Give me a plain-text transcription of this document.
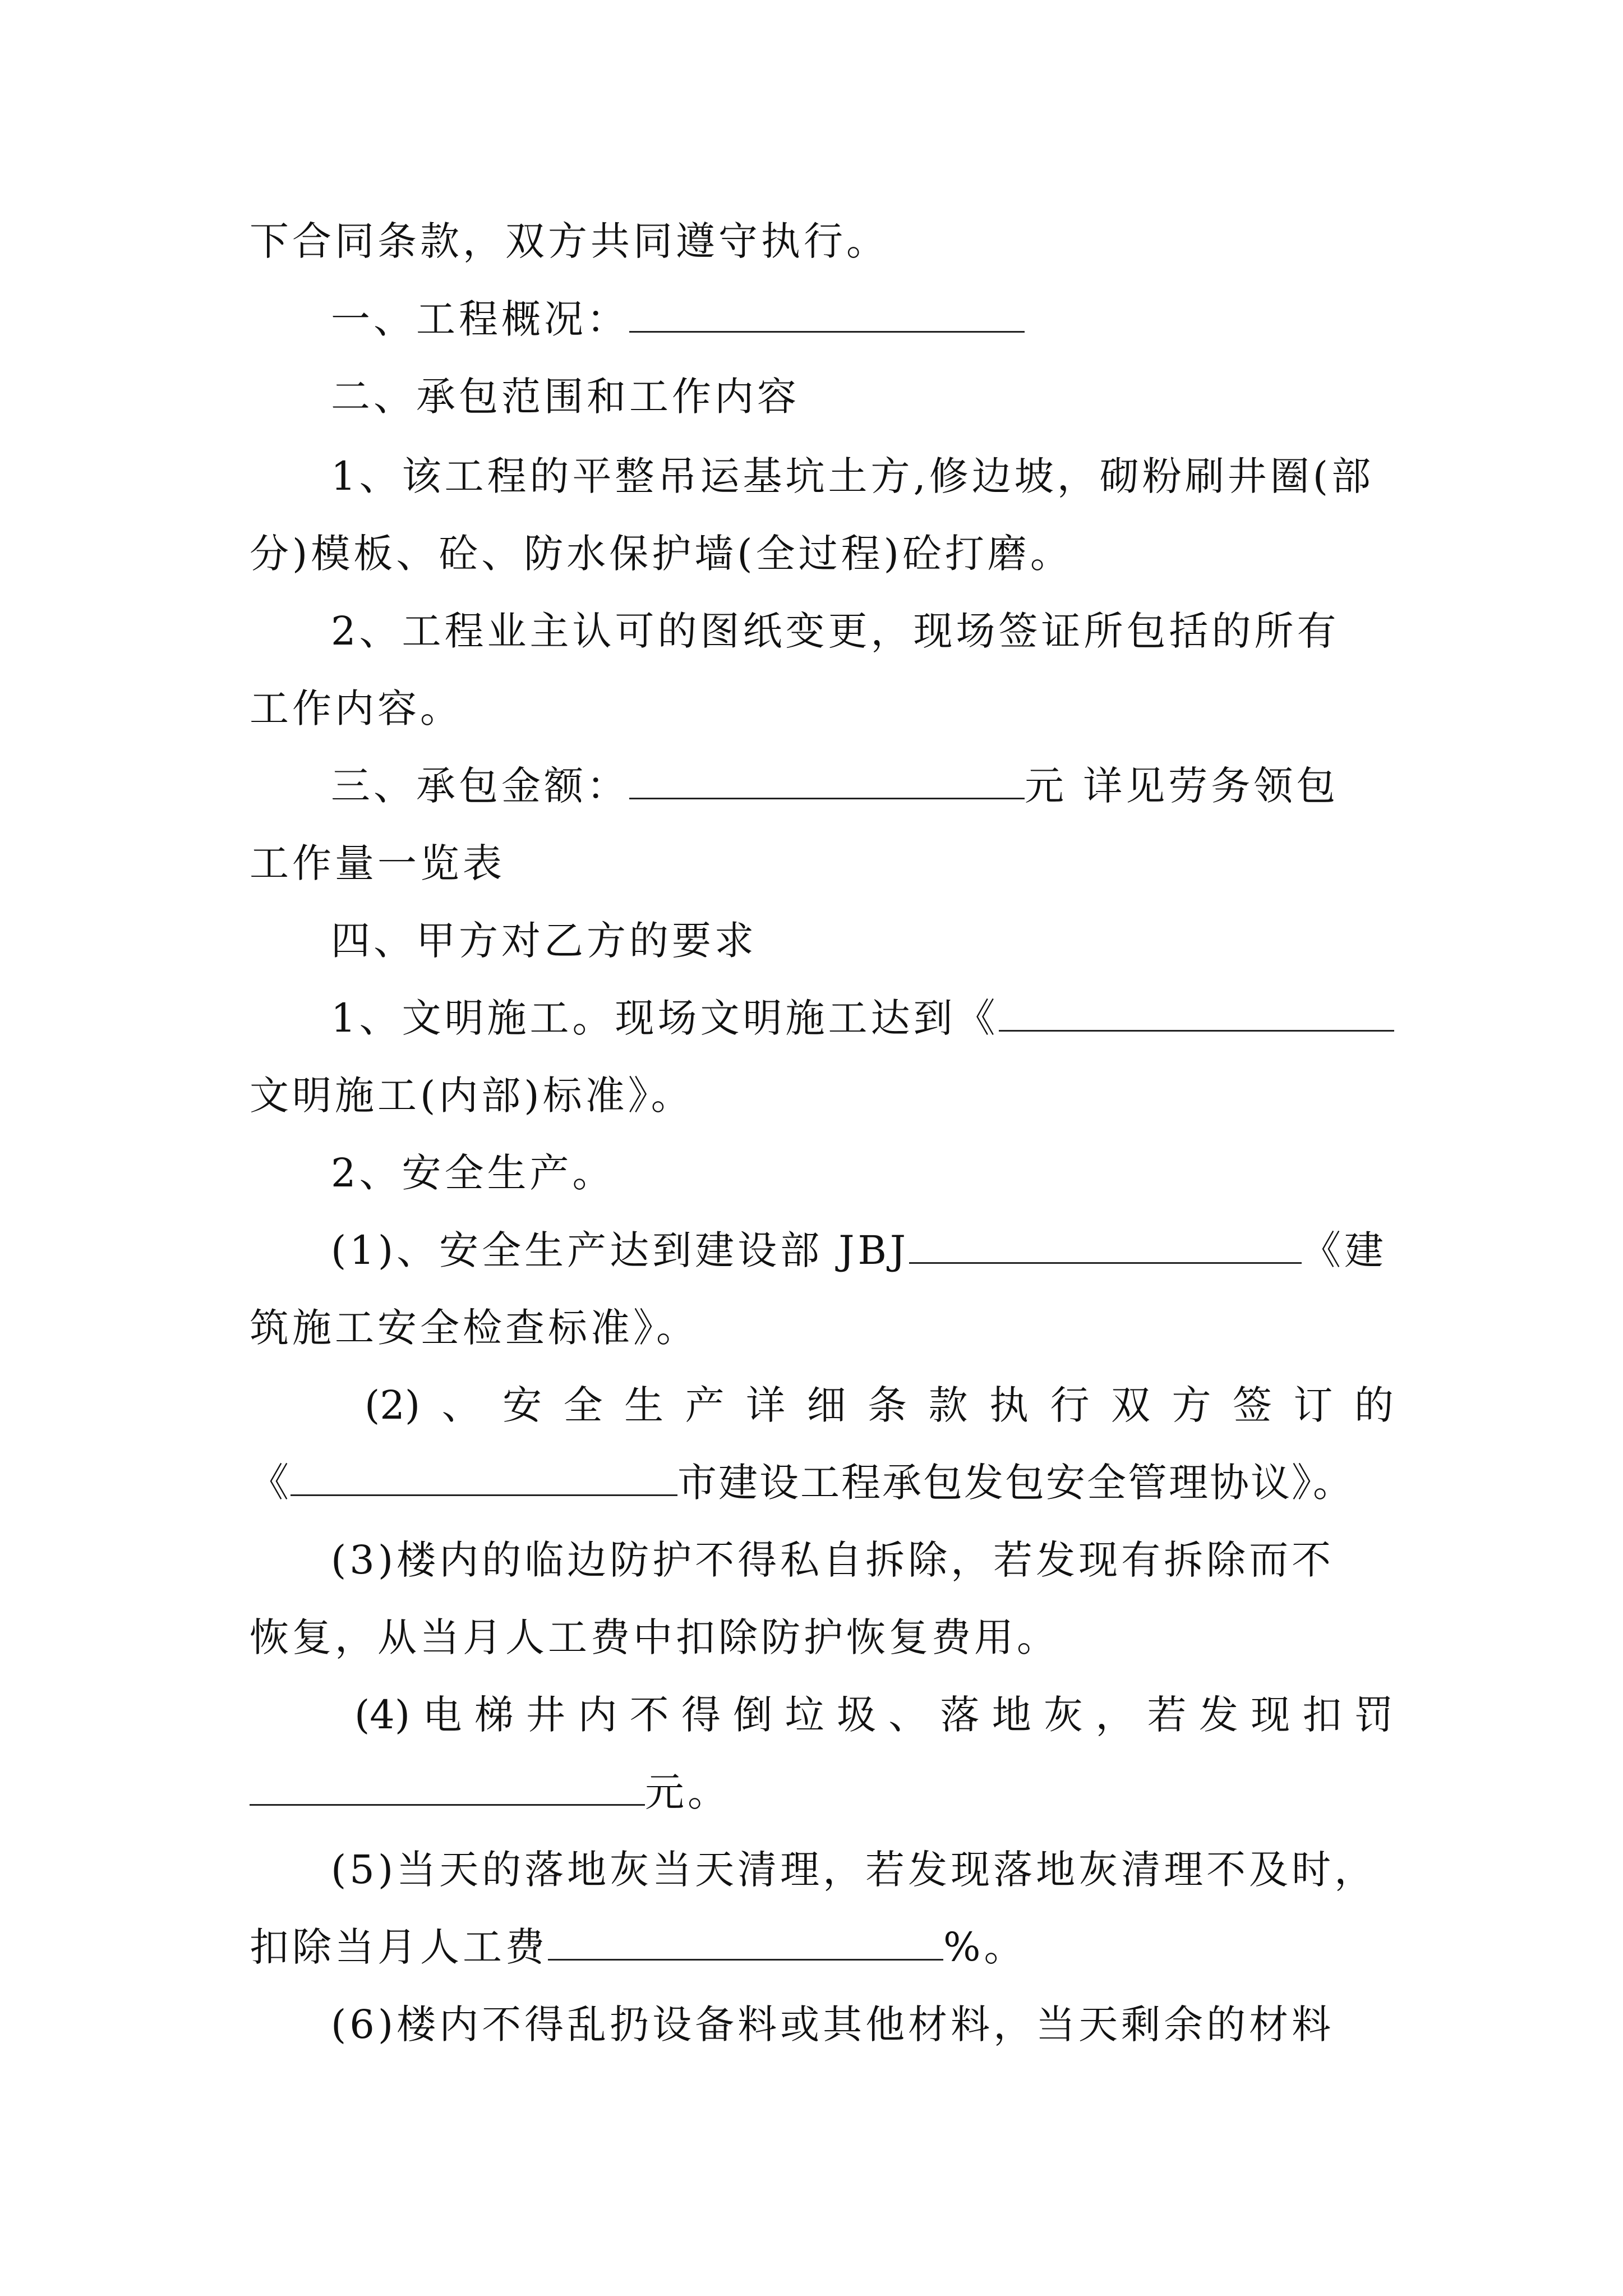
下合同条款，双方共同遵守执行。
一、工程概况：
二、承包范围和工作内容
1、该工程的平整吊运基坑土方,修边坡，砌粉刷井圈(部
分)模板、砼、防水保护墙(全过程)砼打磨。
2、工程业主认可的图纸变更，现场签证所包括的所有
工作内容。
三、承包金额：	元 详见劳务领包
工作量一览表
四、甲方对乙方的要求
1、文明施工。现场文明施工达到《
文明施工(内部)标准》。
2、安全生产。
(1)、安全生产达到建设部 JBJ	《建
筑施工安全检查标准》。
(2) 、 安 全 生 产 详 细 条 款 执 行 双 方 签 订 的
《	市建设工程承包发包安全管理协议》。
(3)楼内的临边防护不得私自拆除，若发现有拆除而不
恢复，从当月人工费中扣除防护恢复费用。
(4) 电 梯 井 内 不 得 倒 垃 圾 、 落 地 灰 ， 若 发 现 扣 罚
元。
(5)当天的落地灰当天清理，若发现落地灰清理不及时，
扣除当月人工费	%。
(6)楼内不得乱扔设备料或其他材料，当天剩余的材料
